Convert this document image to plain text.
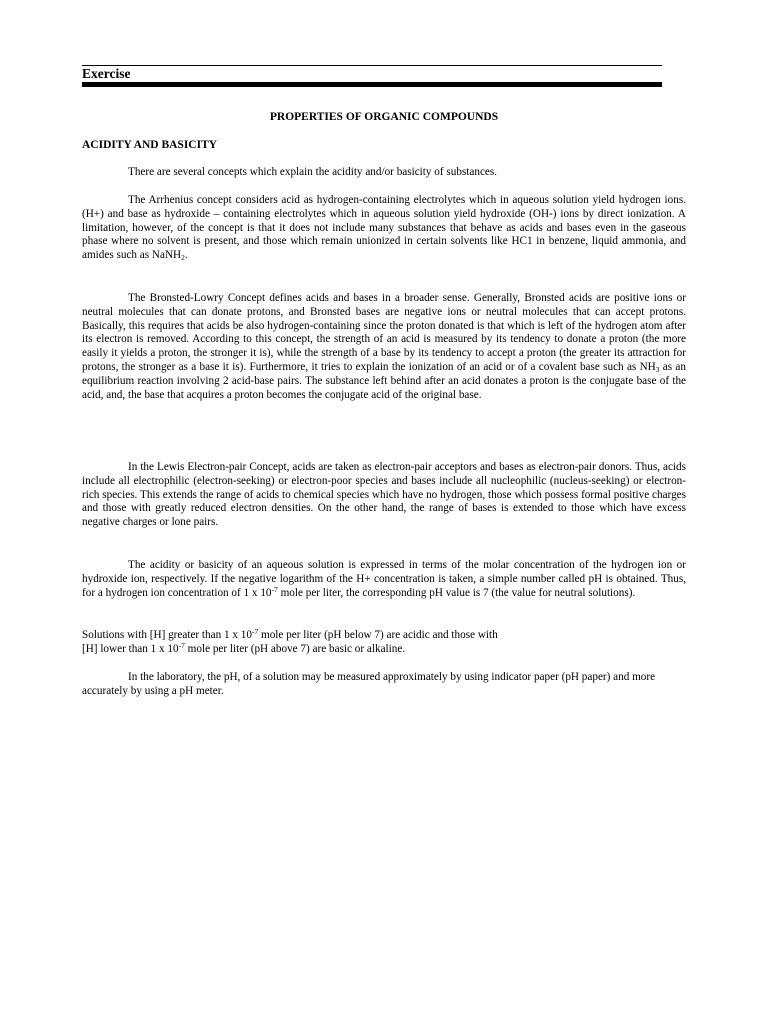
Exercise
PROPERTIES OF ORGANIC COMPOUNDS
ACIDITY AND BASICITY

There are several concepts which explain the acidity and/or basicity of substances.

The Arrhenius concept considers acid as hydrogen-containing electrolytes which in aqueous solution yield hydrogen ions. (H+) and base as hydroxide – containing electrolytes which in aqueous solution yield hydroxide (OH-) ions by direct ionization. A limitation, however, of the concept is that it does not include many substances that behave as acids and bases even in the gaseous phase where no solvent is present, and those which remain unionized in certain solvents like HC1 in benzene, liquid ammonia, and amides such as NaNH$_2$.

The Bronsted-Lowry Concept defines acids and bases in a broader sense. Generally, Bronsted acids are positive ions or neutral molecules that can donate protons, and Bronsted bases are negative ions or neutral molecules that can accept protons. Basically, this requires that acids be also hydrogen-containing since the proton donated is that which is left of the hydrogen atom after its electron is removed. According to this concept, the strength of an acid is measured by its tendency to donate a proton (the more easily it yields a proton, the stronger it is), while the strength of a base by its tendency to accept a proton (the greater its attraction for protons, the stronger as a base it is). Furthermore, it tries to explain the ionization of an acid or of a covalent base such as $NH_3$ as an equilibrium reaction involving 2 acid-base pairs. The substance left behind after an acid donates a proton is the conjugate base of the acid, and, the base that acquires a proton becomes the conjugate acid of the original base.

In the Lewis Electron-pair Concept, acids are taken as electron-pair acceptors and bases as electron-pair donors. Thus, acids include all electrophilic (electron-seeking) or electron-poor species and bases include all nucleophilic (nucleus-seeking) or electron-rich species. This extends the range of acids to chemical species which have no hydrogen, those which possess formal positive charges and those with greatly reduced electron densities. On the other hand, the range of bases is extended to those which have excess negative charges or lone pairs.

The acidity or basicity of an aqueous solution is expressed in terms of the molar concentration of the hydrogen ion or hydroxide ion, respectively. If the negative logarithm of the H+ concentration is taken, a simple number called pH is obtained. Thus, for a hydrogen ion concentration of 1 x $10^{-7}$ mole per liter, the corresponding pH value is 7 (the value for neutral solutions).

Solutions with [H] greater than 1 x $10^{-7}$ mole per liter (pH below 7) are acidic and those with
[H] lower than 1 x $10^{-7}$ mole per liter (pH above 7) are basic or alkaline.

In the laboratory, the pH, of a solution may be measured approximately by using indicator paper (pH paper) and more accurately by using a pH meter.
